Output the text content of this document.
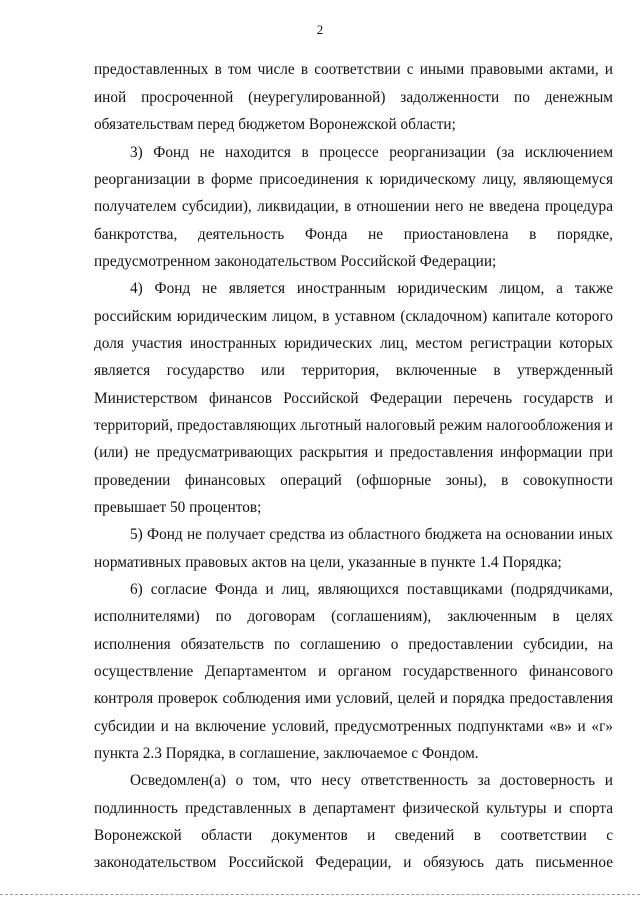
2
предоставленных в том числе в соответствии с иными правовыми актами, и
иной просроченной (неурегулированной) задолженности по денежным
обязательствам перед бюджетом Воронежской области;
3) Фонд не находится в процессе реорганизации (за исключением
реорганизации в форме присоединения к юридическому лицу, являющемуся
получателем субсидии), ликвидации, в отношении него не введена процедура
банкротства, деятельность Фонда не приостановлена в порядке,
предусмотренном законодательством Российской Федерации;
4) Фонд не является иностранным юридическим лицом, а также
российским юридическим лицом, в уставном (складочном) капитале которого
доля участия иностранных юридических лиц, местом регистрации которых
является государство или территория, включенные в утвержденный
Министерством финансов Российской Федерации перечень государств и
территорий, предоставляющих льготный налоговый режим налогообложения и
(или) не предусматривающих раскрытия и предоставления информации при
проведении финансовых операций (офшорные зоны), в совокупности
превышает 50 процентов;
5) Фонд не получает средства из областного бюджета на основании иных
нормативных правовых актов на цели, указанные в пункте 1.4 Порядка;
6) согласие Фонда и лиц, являющихся поставщиками (подрядчиками,
исполнителями) по договорам (соглашениям), заключенным в целях
исполнения обязательств по соглашению о предоставлении субсидии, на
осуществление Департаментом и органом государственного финансового
контроля проверок соблюдения ими условий, целей и порядка предоставления
субсидии и на включение условий, предусмотренных подпунктами «в» и «г»
пункта 2.3 Порядка, в соглашение, заключаемое с Фондом.
Осведомлен(а) о том, что несу ответственность за достоверность и
подлинность представленных в департамент физической культуры и спорта
Воронежской области документов и сведений в соответствии с
законодательством Российской Федерации, и обязуюсь дать письменное
